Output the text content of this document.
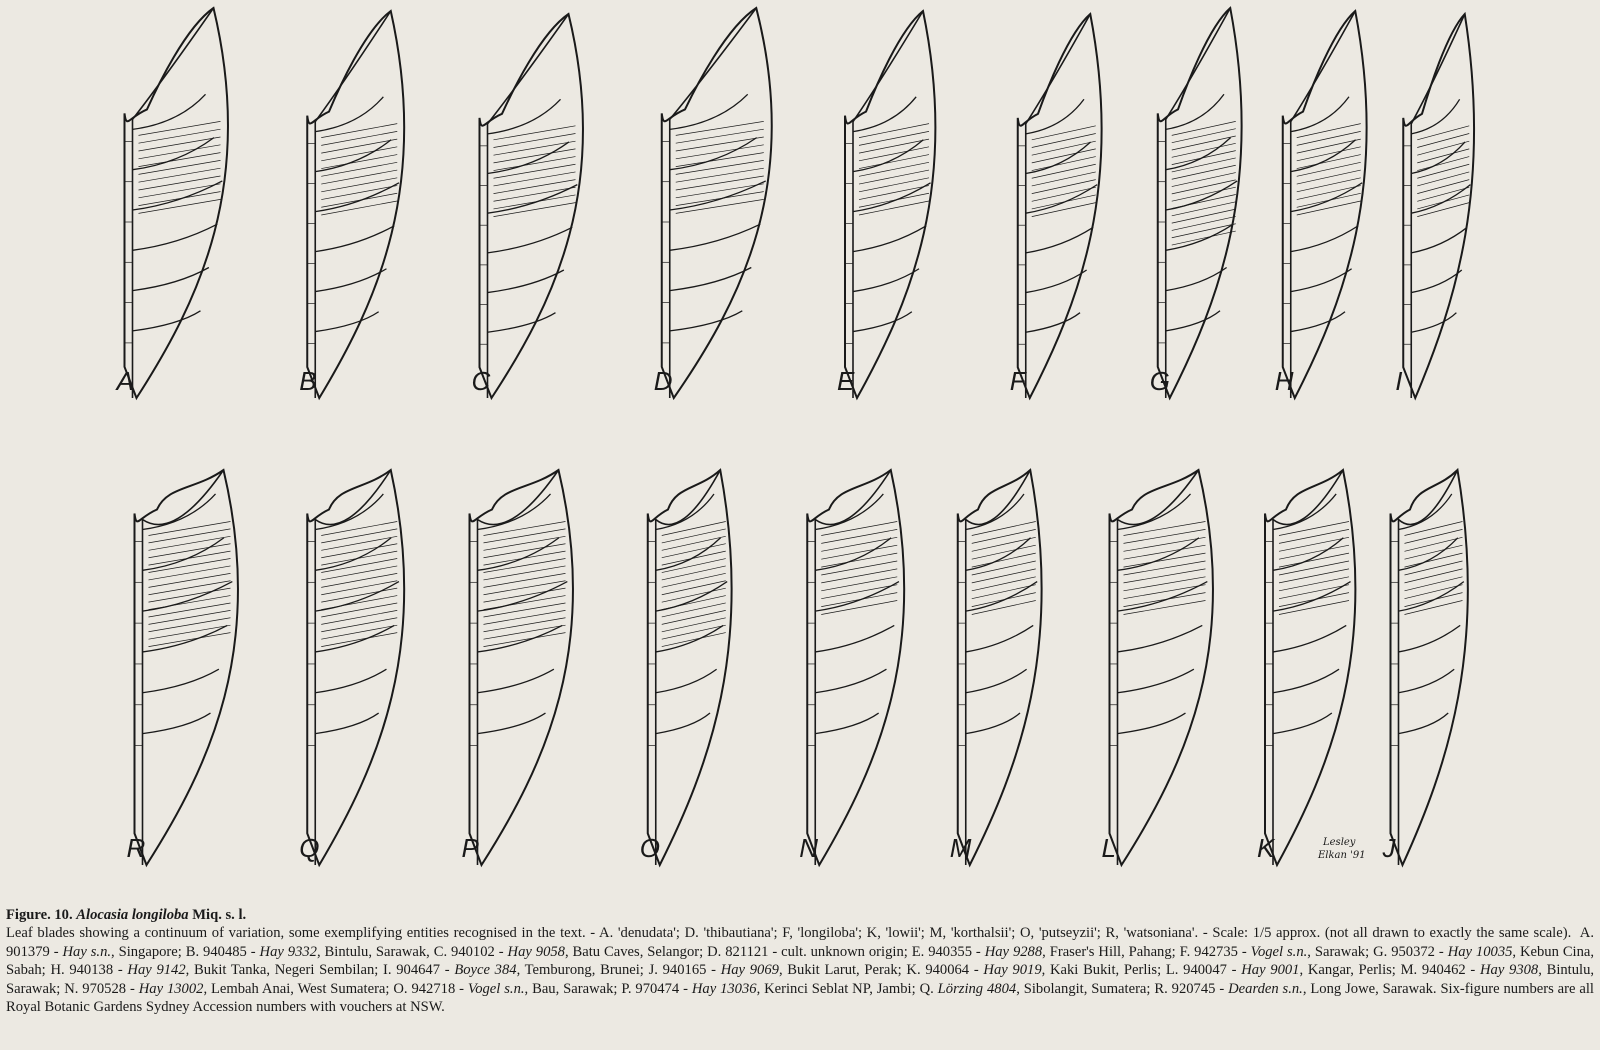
A	B	C	D	E	F	G	H	I
R	Q	P	O	N	M	L	K	J
Lesley
Elkan '91

Figure. 10. Alocasia longiloba Miq. s. l.

Leaf blades showing a continuum of variation, some exemplifying entities recognised in the text. - A. 'denudata'; D. 'thibautiana'; F, 'longiloba'; K, 'lowii'; M, 'korthalsii'; O, 'putseyzii'; R, 'watsoniana'. - Scale: 1/5 approx. (not all drawn to exactly the same scale). A. 901379 - Hay s.n., Singapore; B. 940485 - Hay 9332, Bintulu, Sarawak, C. 940102 - Hay 9058, Batu Caves, Selangor; D. 821121 - cult. unknown origin; E. 940355 - Hay 9288, Fraser's Hill, Pahang; F. 942735 - Vogel s.n., Sarawak; G. 950372 - Hay 10035, Kebun Cina, Sabah; H. 940138 - Hay 9142, Bukit Tanka, Negeri Sembilan; I. 904647 - Boyce 384, Temburong, Brunei; J. 940165 - Hay 9069, Bukit Larut, Perak; K. 940064 - Hay 9019, Kaki Bukit, Perlis; L. 940047 - Hay 9001, Kangar, Perlis; M. 940462 - Hay 9308, Bintulu, Sarawak; N. 970528 - Hay 13002, Lembah Anai, West Sumatera; O. 942718 - Vogel s.n., Bau, Sarawak; P. 970474 - Hay 13036, Kerinci Seblat NP, Jambi; Q. Lörzing 4804, Sibolangit, Sumatera; R. 920745 - Dearden s.n., Long Jowe, Sarawak. Six-figure numbers are all Royal Botanic Gardens Sydney Accession numbers with vouchers at NSW.
